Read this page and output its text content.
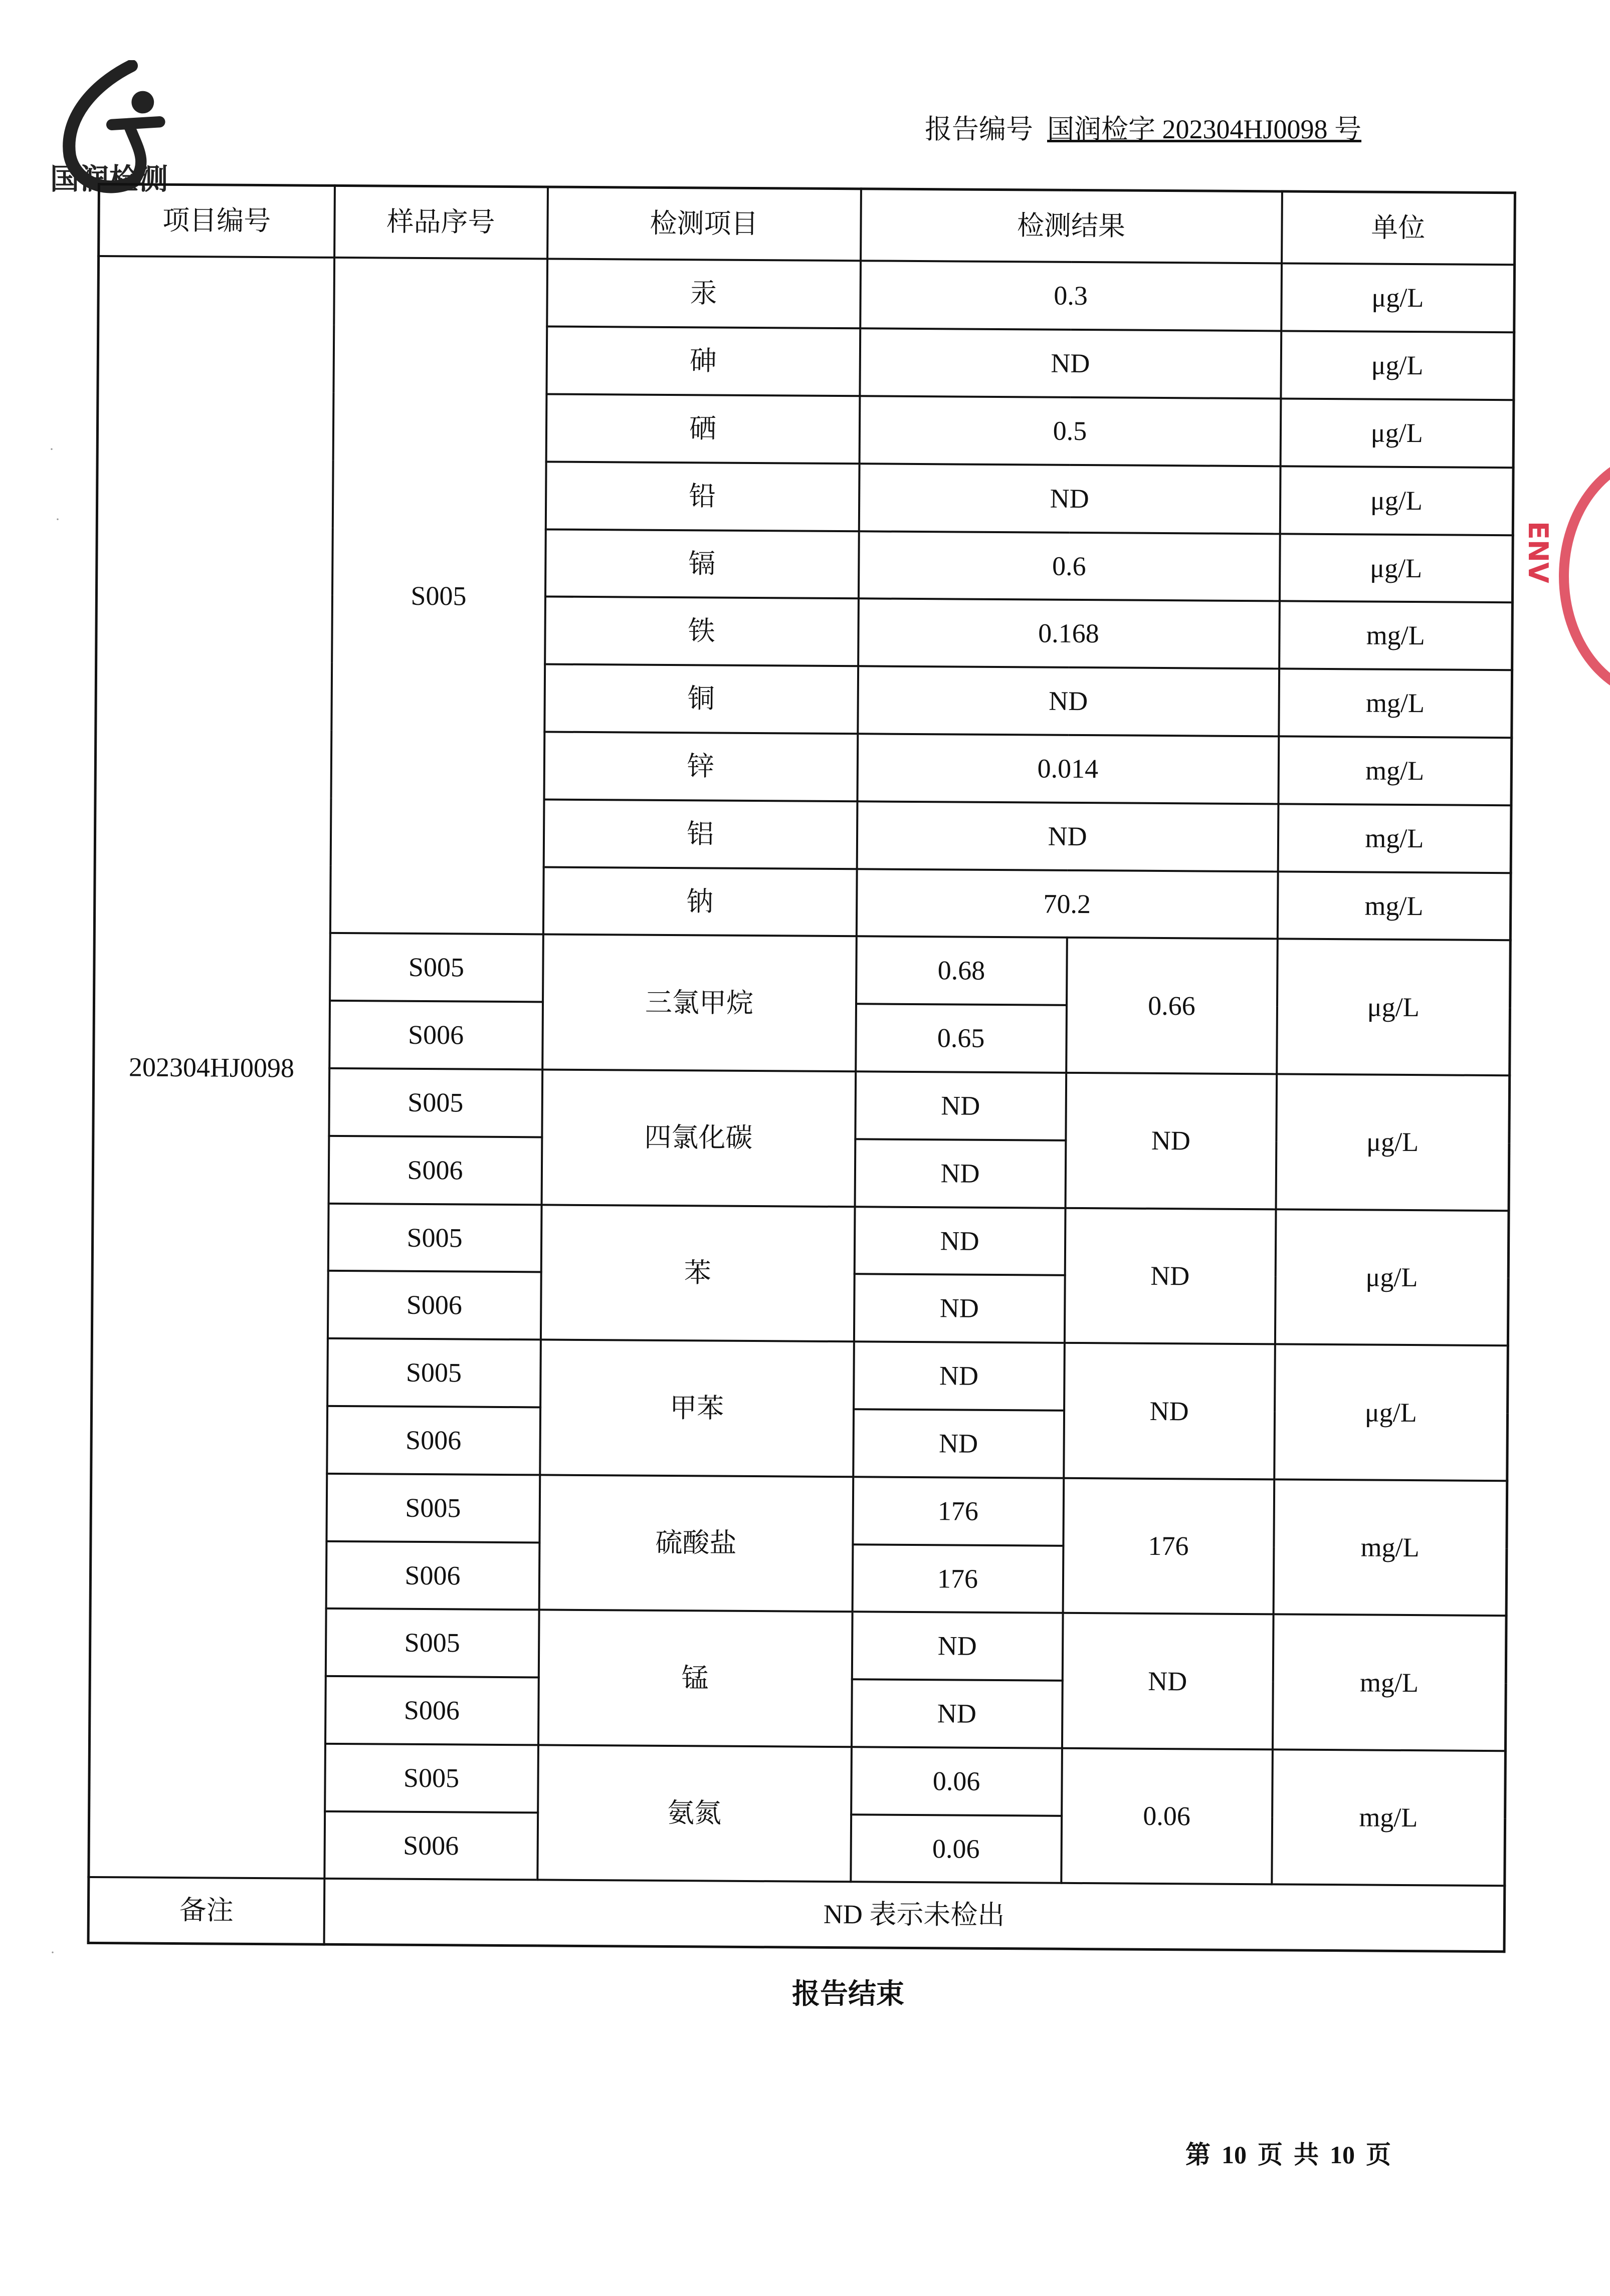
国润检测
报告编号 国润检字 202304HJ0098 号
ENV
·
·
·
项目编号	样品序号	检测项目	检测结果		单位
202304HJ0098	S005	汞	0.3		μg/L
		砷	ND		μg/L
		硒	0.5		μg/L
		铅	ND		μg/L
		镉	0.6		μg/L
		铁	0.168		mg/L
		铜	ND		mg/L
		锌	0.014		mg/L
		铝	ND		mg/L
		钠	70.2		mg/L
	S005	三氯甲烷	0.68	0.66	μg/L
	S006		0.65		
	S005	四氯化碳	ND	ND	μg/L
	S006		ND		
	S005	苯	ND	ND	μg/L
	S006		ND		
	S005	甲苯	ND	ND	μg/L
	S006		ND		
	S005	硫酸盐	176	176	mg/L
	S006		176		
	S005	锰	ND	ND	mg/L
	S006		ND		
	S005	氨氮	0.06	0.06	mg/L
	S006		0.06		
备注	ND 表示未检出				
报告结束
第 10 页 共 10 页
